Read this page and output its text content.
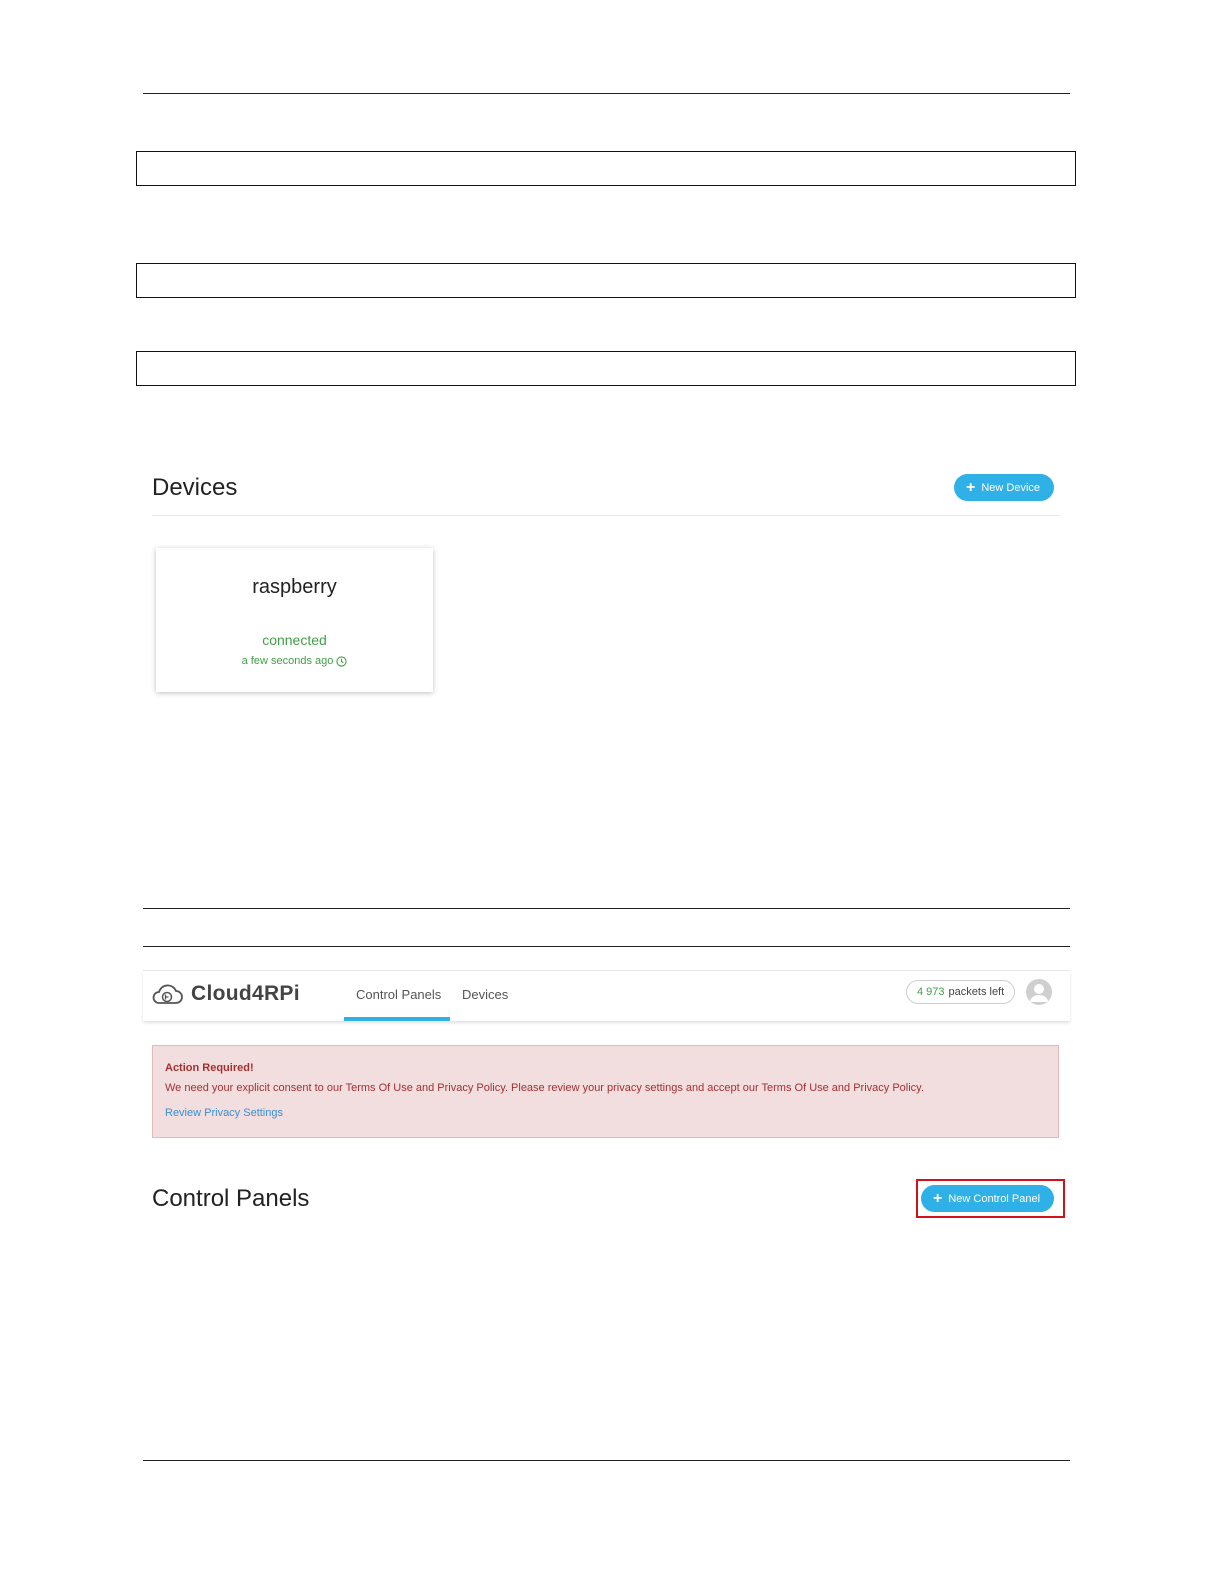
Devices	+ New Device
raspberry
connected
a few seconds ago
Cloud4RPi	Control Panels Devices	4 973 packets left
Action Required!
We need your explicit consent to our Terms Of Use and Privacy Policy. Please review your privacy settings and accept our Terms Of Use and Privacy Policy.
Review Privacy Settings
Control Panels	+ New Control Panel
